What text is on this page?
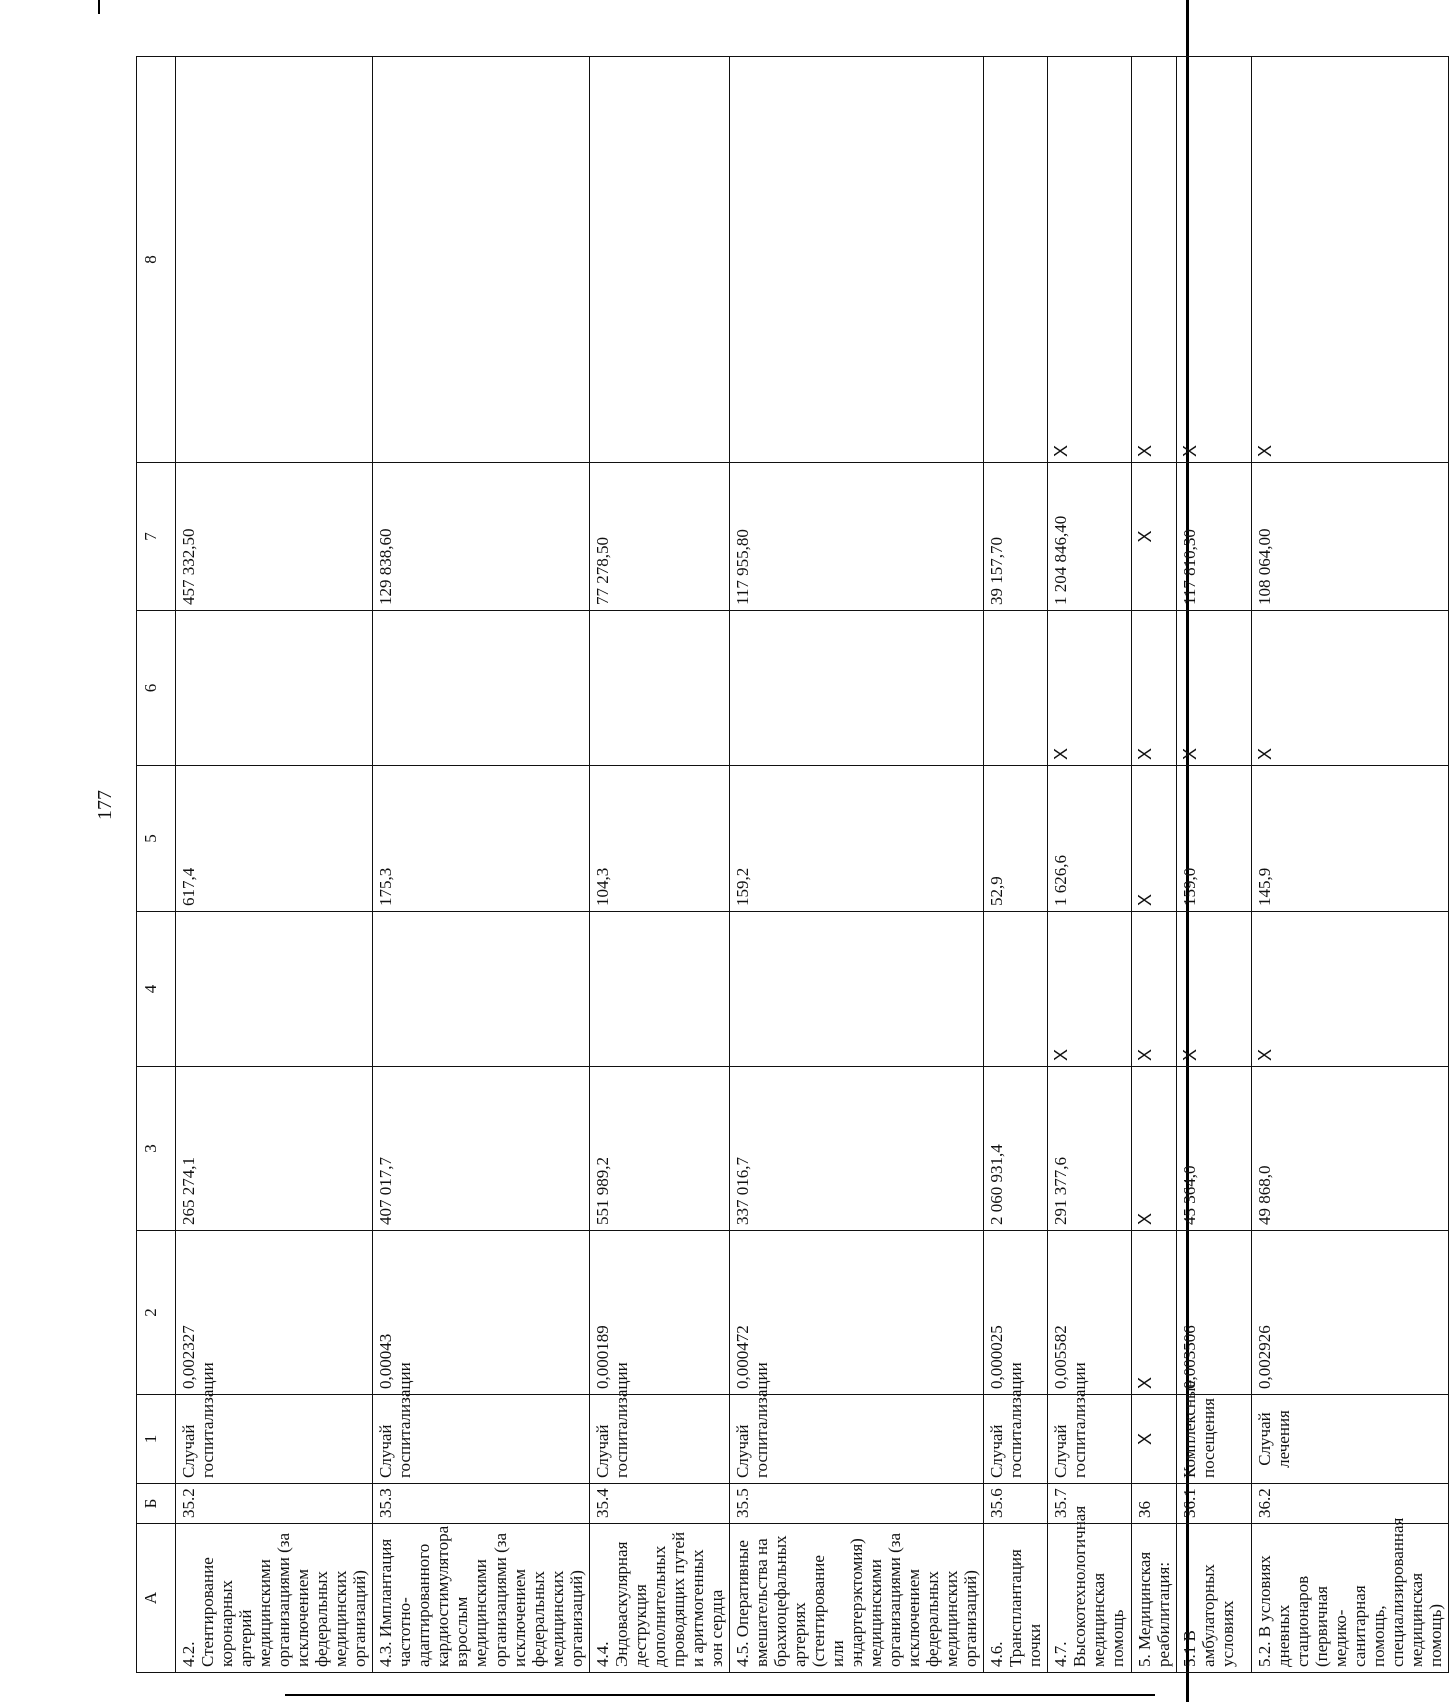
177
A	Б	1	2	3	4	5	6	7	8
4.2. Стентирование коронарных артерий медицинскими организациями (за исключением федеральных медицинских организаций)	35.2	Случай госпитализации	0,002327	265 274,1		617,4		457 332,50	
4.3. Имплантация частотно-адаптированного кардиостимулятора взрослым медицинскими организациями (за исключением федеральных медицинских организаций)	35.3	Случай госпитализации	0,00043	407 017,7		175,3		129 838,60	
4.4. Эндоваскулярная деструкция дополнительных проводящих путей и аритмогенных зон сердца	35.4	Случай госпитализации	0,000189	551 989,2		104,3		77 278,50	
4.5. Оперативные вмешательства на брахиоцефальных артериях (стентирование или эндартерэктомия) медицинскими организациями (за исключением федеральных медицинских организаций)	35.5	Случай госпитализации	0,000472	337 016,7		159,2		117 955,80	
4.6. Трансплантация почки	35.6	Случай госпитализации	0,000025	2 060 931,4		52,9		39 157,70	
4.7. Высокотехнологичная медицинская помощь	35.7	Случай госпитализации	0,005582	291 377,6	X	1 626,6	X	1 204 846,40	X
5. Медицинская реабилитация:	36	X	X	X	X	X	X	X	X
5.1 В амбулаторных условиях	36.1	Комплексные посещения	0,003506	45 364,0	X	159,0	X	117 810,30	X
5.2. В условиях дневных стационаров (первичная медико-санитарная помощь, специализированная медицинская помощь)	36.2	Случай лечения	0,002926	49 868,0	X	145,9	X	108 064,00	X
